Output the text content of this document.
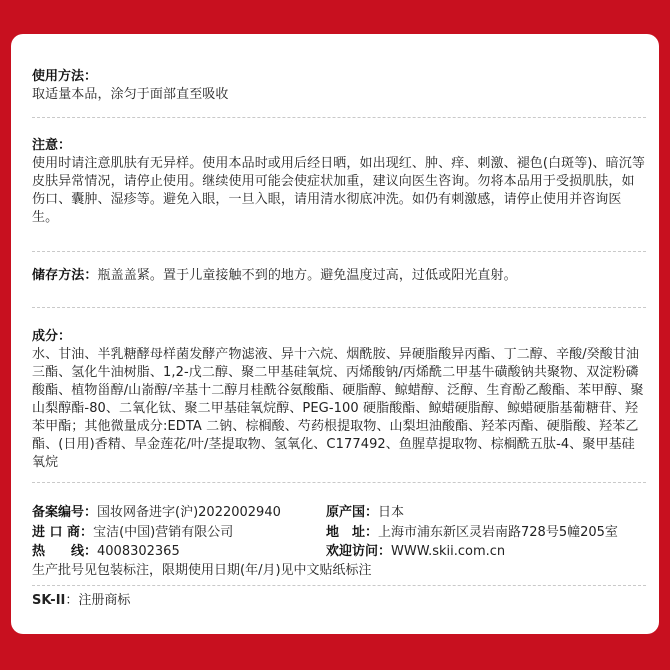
使用方法：
取适量本品，涂匀于面部直至吸收
注意：
使用时请注意肌肤有无异样。使用本品时或用后经日晒，如出现红、肿、痒、刺激、褪色(白斑等)、暗沉等皮肤异常情况，请停止使用。继续使用可能会使症状加重，建议向医生咨询。勿将本品用于受损肌肤，如伤口、囊肿、湿疹等。避免入眼，一旦入眼，请用清水彻底冲洗。如仍有刺激感，请停止使用并咨询医生。
储存方法：瓶盖盖紧。置于儿童接触不到的地方。避免温度过高，过低或阳光直射。
成分：
水、甘油、半乳糖酵母样菌发酵产物滤液、异十六烷、烟酰胺、异硬脂酸异丙酯、丁二醇、辛酸/癸酸甘油三酯、氢化牛油树脂、1,2-戊二醇、聚二甲基硅氧烷、丙烯酸钠/丙烯酰二甲基牛磺酸钠共聚物、双淀粉磷酸酯、植物甾醇/山嵛醇/辛基十二醇月桂酰谷氨酸酯、硬脂醇、鲸蜡醇、泛醇、生育酚乙酸酯、苯甲醇、聚山梨醇酯-80、二氧化钛、聚二甲基硅氧烷醇、PEG-100 硬脂酸酯、鲸蜡硬脂醇、鲸蜡硬脂基葡糖苷、羟苯甲酯；其他微量成分:EDTA 二钠、棕榈酸、芍药根提取物、山梨坦油酸酯、羟苯丙酯、硬脂酸、羟苯乙酯、(日用)香精、旱金莲花/叶/茎提取物、氢氧化、C177492、鱼腥草提取物、棕榈酰五肽-4、聚甲基硅氧烷
备案编号：国妆网备进字(沪)2022002940	原产国：日本
进 口 商：宝洁(中国)营销有限公司	地　址：上海市浦东新区灵岩南路728号5幢205室
热　　线：4008302365	欢迎访问：WWW.skii.com.cn
生产批号见包装标注，限期使用日期(年/月)见中文贴纸标注
SK-II：注册商标
